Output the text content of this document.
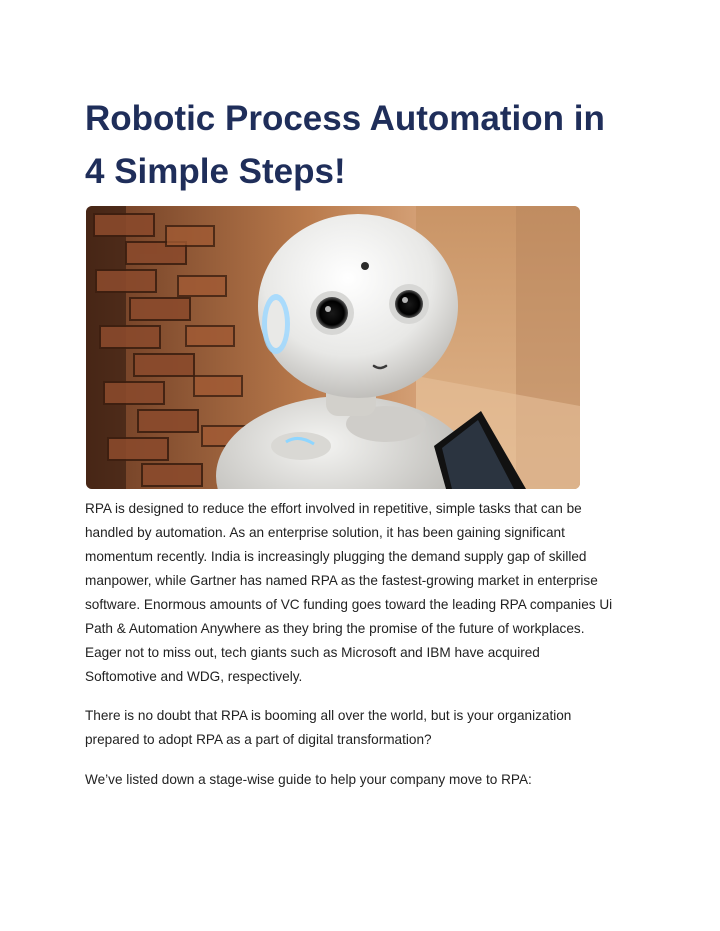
Robotic Process Automation in
4 Simple Steps!

RPA is designed to reduce the effort involved in repetitive, simple tasks that can be
handled by automation. As an enterprise solution, it has been gaining significant
momentum recently. India is increasingly plugging the demand supply gap of skilled
manpower, while Gartner has named RPA as the fastest-growing market in enterprise
software. Enormous amounts of VC funding goes toward the leading RPA companies Ui
Path & Automation Anywhere as they bring the promise of the future of workplaces.
Eager not to miss out, tech giants such as Microsoft and IBM have acquired
Softomotive and WDG, respectively.

There is no doubt that RPA is booming all over the world, but is your organization
prepared to adopt RPA as a part of digital transformation?

We’ve listed down a stage-wise guide to help your company move to RPA:
